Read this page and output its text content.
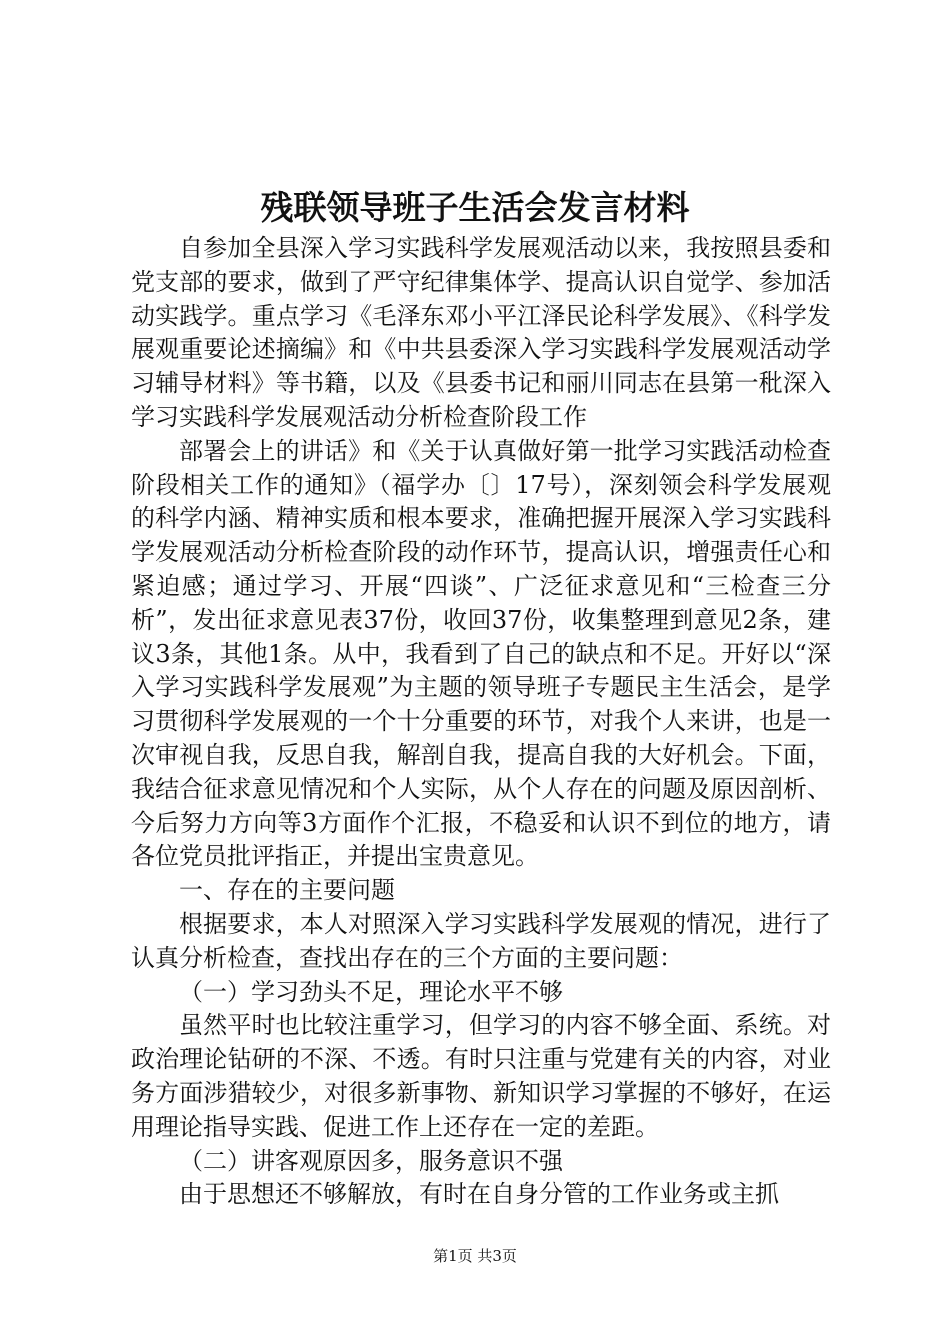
残联领导班子生活会发言材料

自参加全县深入学习实践科学发展观活动以来，我按照县委和党支部的要求，做到了严守纪律集体学、提高认识自觉学、参加活动实践学。重点学习《毛泽东邓小平江泽民论科学发展》、《科学发展观重要论述摘编》和《中共县委深入学习实践科学发展观活动学习辅导材料》等书籍，以及《县委书记和丽川同志在县第一秕深入学习实践科学发展观活动分析检查阶段工作

部署会上的讲话》和《关于认真做好第一批学习实践活动检查阶段相关工作的通知》（福学办〔〕17号），深刻领会科学发展观的科学内涵、精神实质和根本要求，准确把握开展深入学习实践科学发展观活动分析检查阶段的动作环节，提高认识，增强责任心和紧迫感；通过学习、开展“四谈”、广泛征求意见和“三检查三分析”，发出征求意见表37份，收回37份，收集整理到意见2条，建议3条，其他1条。从中，我看到了自己的缺点和不足。开好以“深入学习实践科学发展观”为主题的领导班子专题民主生活会，是学习贯彻科学发展观的一个十分重要的环节，对我个人来讲，也是一次审视自我，反思自我，解剖自我，提高自我的大好机会。下面，我结合征求意见情况和个人实际，从个人存在的问题及原因剖析、今后努力方向等3方面作个汇报，不稳妥和认识不到位的地方，请各位党员批评指正，并提出宝贵意见。

一、存在的主要问题

根据要求，本人对照深入学习实践科学发展观的情况，进行了认真分析检查，查找出存在的三个方面的主要问题：

（一）学习劲头不足，理论水平不够

虽然平时也比较注重学习，但学习的内容不够全面、系统。对政治理论钻研的不深、不透。有时只注重与党建有关的内容，对业务方面涉猎较少，对很多新事物、新知识学习掌握的不够好，在运用理论指导实践、促进工作上还存在一定的差距。

（二）讲客观原因多，服务意识不强

由于思想还不够解放，有时在自身分管的工作业务或主抓

第1页 共3页
